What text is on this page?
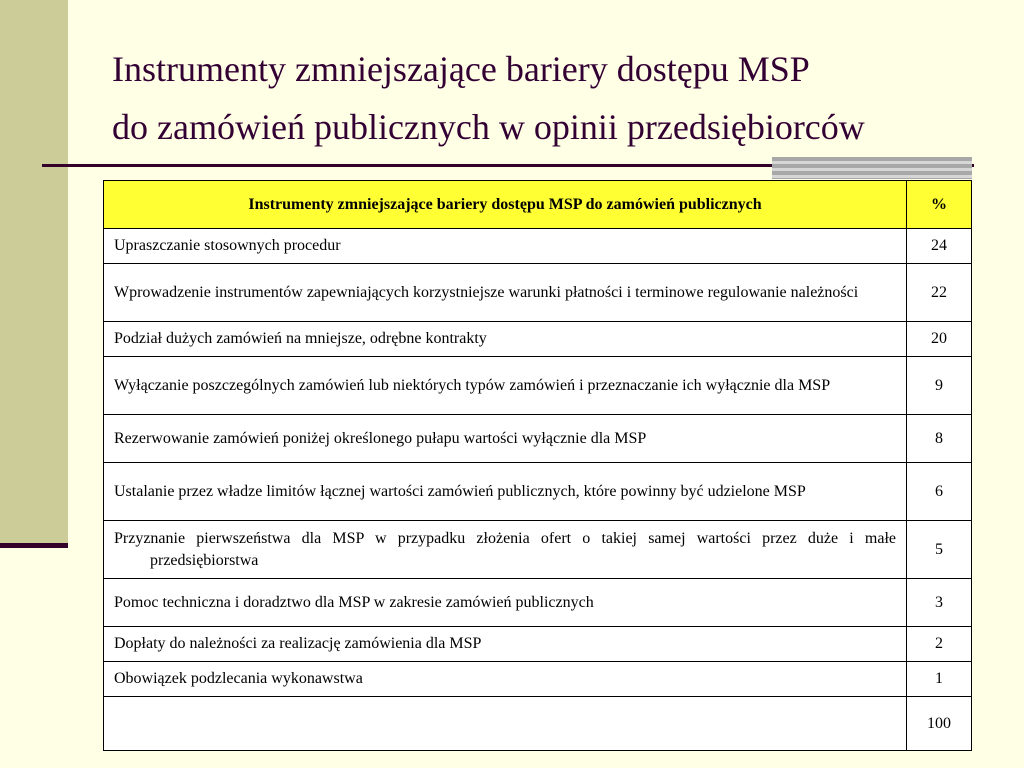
Instrumenty zmniejszające bariery dostępu MSP
do zamówień publicznych w opinii przedsiębiorców
Instrumenty zmniejszające bariery dostępu MSP do zamówień publicznych	%

Upraszczanie stosownych procedur	24

Wprowadzenie instrumentów zapewniających korzystniejsze warunki płatności i terminowe regulowanie należności	22

Podział dużych zamówień na mniejsze, odrębne kontrakty	20

Wyłączanie poszczególnych zamówień lub niektórych typów zamówień i przeznaczanie ich wyłącznie dla MSP	9

Rezerwowanie zamówień poniżej określonego pułapu wartości wyłącznie dla MSP	8

Ustalanie przez władze limitów łącznej wartości zamówień publicznych, które powinny być udzielone MSP	6

Przyznanie pierwszeństwa dla MSP w przypadku złożenia ofert o takiej samej wartości przez duże i małe przedsiębiorstwa	5

Pomoc techniczna i doradztwo dla MSP w zakresie zamówień publicznych	3

Dopłaty do należności za realizację zamówienia dla MSP	2

Obowiązek podzlecania wykonawstwa	1

	100
